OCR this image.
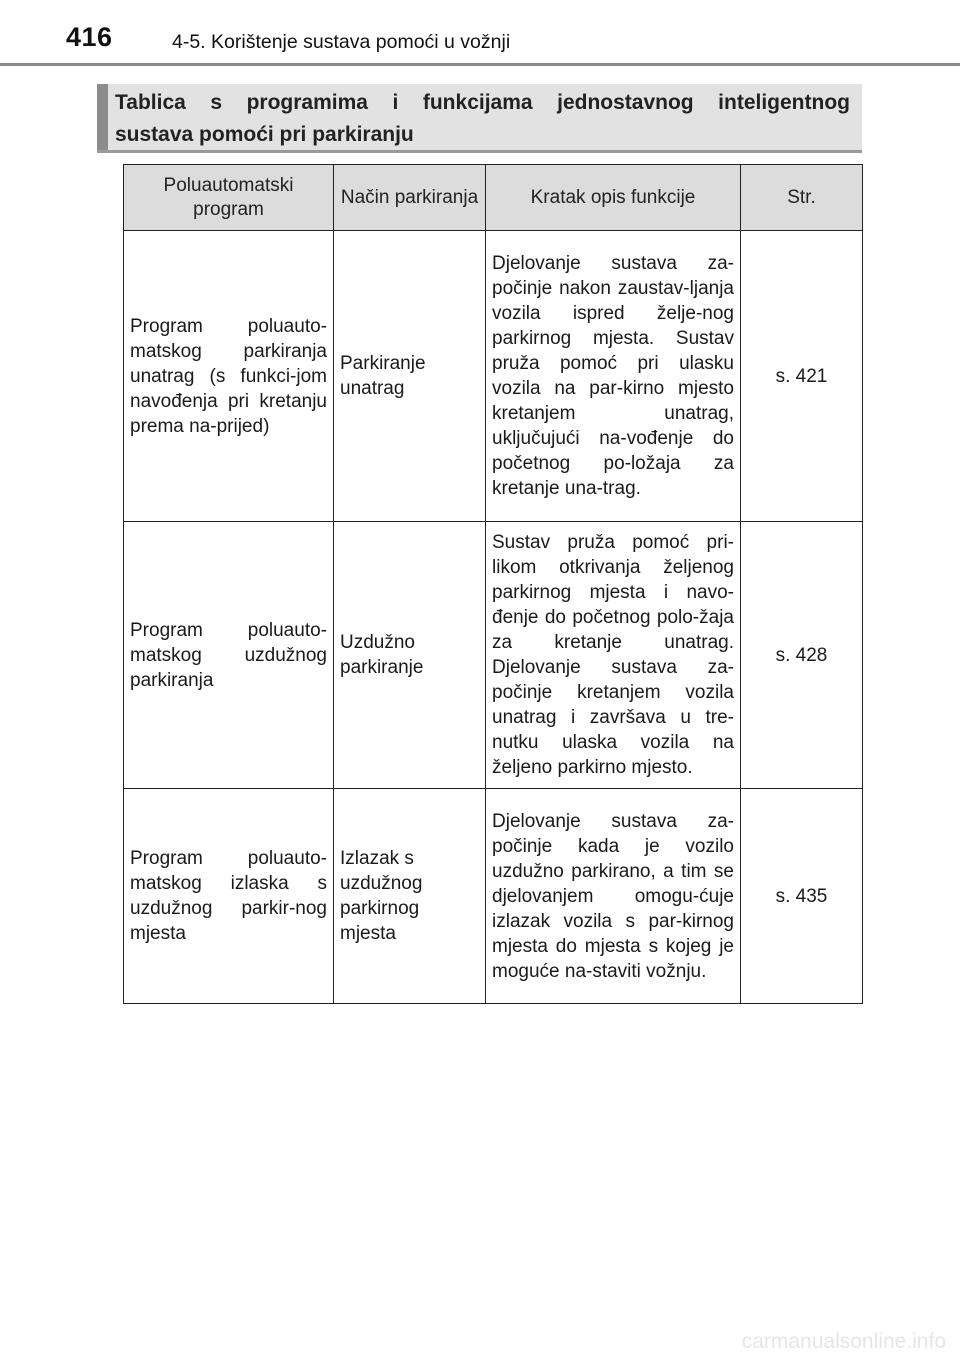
416	4-5. Korištenje sustava pomoći u vožnji
Tablica s programima i funkcijama jednostavnog inteligentnog
sustava pomoći pri parkiranju
Poluautomatski program	Način parkiranja	Kratak opis funkcije	Str.

Program poluauto-matskog parkiranja unatrag (s funkci-jom navođenja pri kretanju prema na-prijed)	Parkiranje unatrag	Djelovanje sustava za-počinje nakon zaustav-ljanja vozila ispred želje-nog parkirnog mjesta. Sustav pruža pomoć pri ulasku vozila na par-kirno mjesto kretanjem unatrag, uključujući na-vođenje do početnog po-ložaja za kretanje una-trag.	s. 421

Program poluauto-matskog uzdužnog parkiranja	Uzdužno parkiranje	Sustav pruža pomoć pri-likom otkrivanja željenog parkirnog mjesta i navo-đenje do početnog polo-žaja za kretanje unatrag. Djelovanje sustava za-počinje kretanjem vozila unatrag i završava u tre-nutku ulaska vozila na željeno parkirno mjesto.	s. 428

Program poluauto-matskog izlaska s uzdužnog parkir-nog mjesta	Izlazak s uzdužnog parkirnog mjesta	Djelovanje sustava za-počinje kada je vozilo uzdužno parkirano, a tim se djelovanjem omogu-ćuje izlazak vozila s par-kirnog mjesta do mjesta s kojeg je moguće na-staviti vožnju.	s. 435
carmanualsonline.info
